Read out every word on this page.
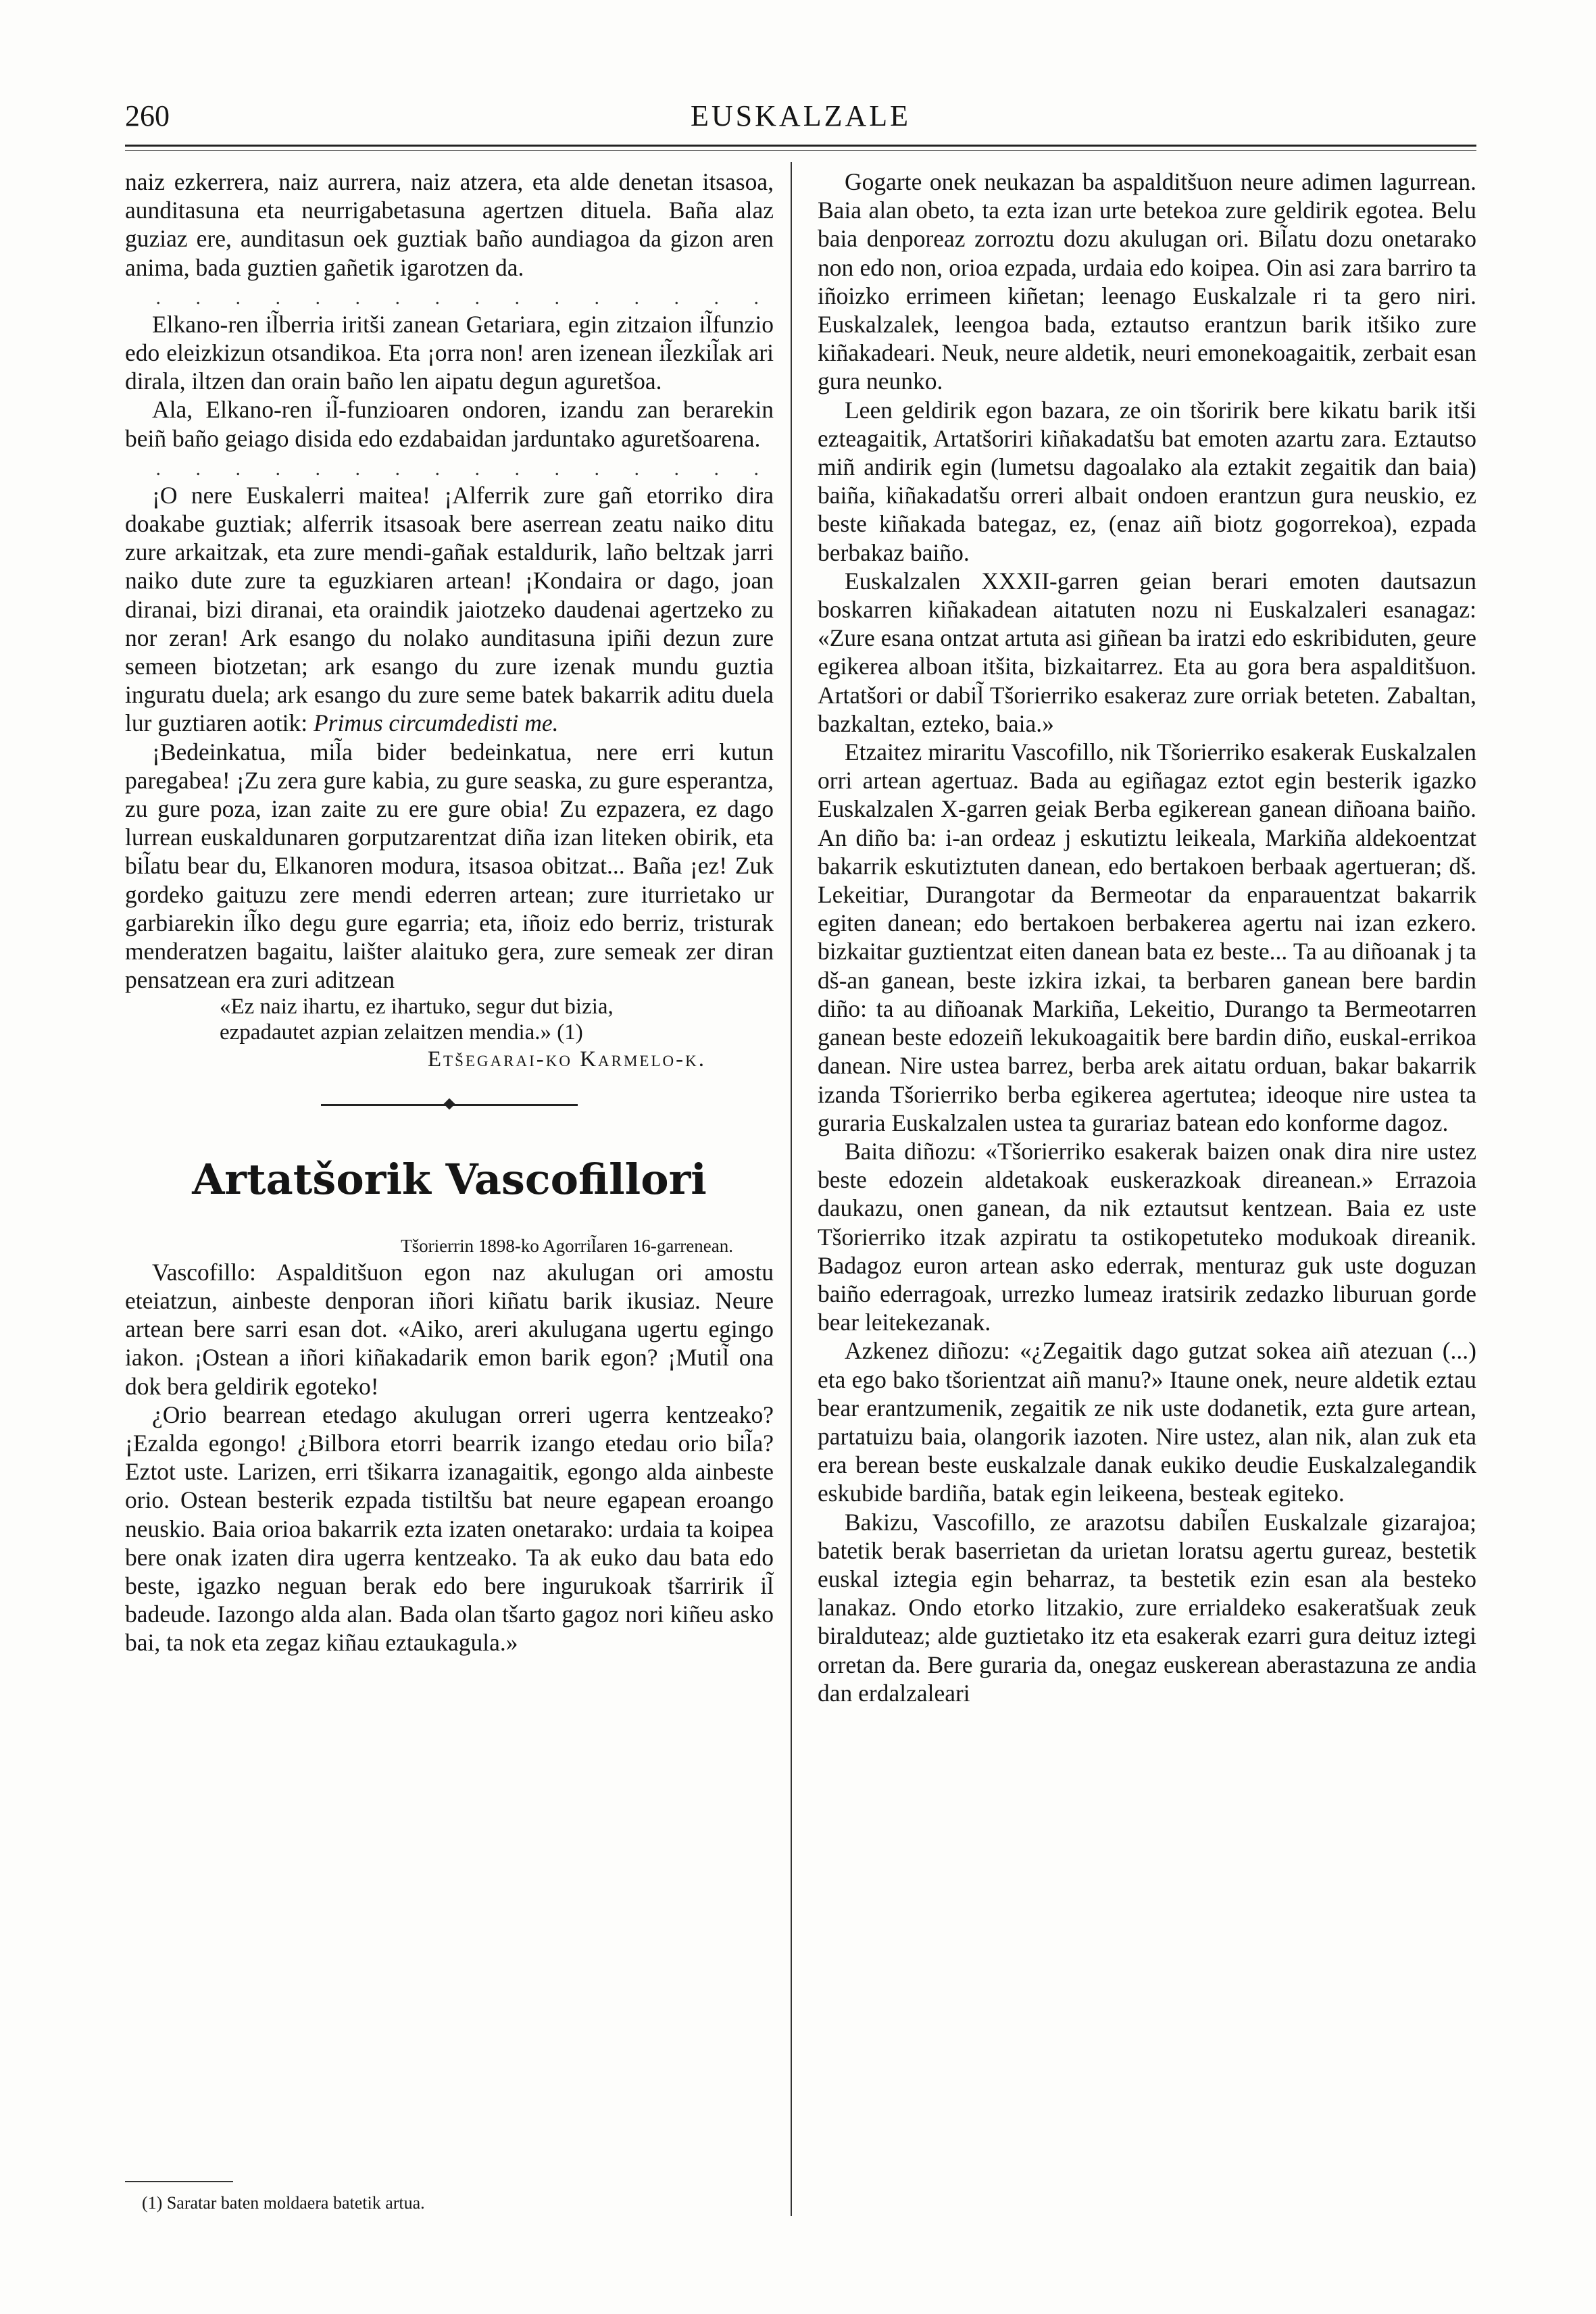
260	EUSKALZALE

naiz ezkerrera, naiz aurrera, naiz atzera, eta alde denetan itsasoa, aunditasuna eta neurrigabetasuna agertzen dituela. Baña alaz guziaz ere, aunditasun oek guztiak baño aundiagoa da gizon aren anima, bada guztien gañetik igarotzen da.

. . . . . . . . . . . . . . . .

Elkano-ren il̃berria iritši zanean Getariara, egin zitzaion il̃funzio edo eleizkizun otsandikoa. Eta ¡orra non! aren izenean il̃ezkil̃ak ari dirala, iltzen dan orain baño len aipatu degun aguretšoa.

Ala, Elkano-ren il̃-funzioaren ondoren, izandu zan berarekin beiñ baño geiago disida edo ezdabaidan jarduntako aguretšoarena.

. . . . . . . . . . . . . . . .

¡O nere Euskalerri maitea! ¡Alferrik zure gañ etorriko dira doakabe guztiak; alferrik itsasoak bere aserrean zeatu naiko ditu zure arkaitzak, eta zure mendi-gañak estaldurik, laño beltzak jarri naiko dute zure ta eguzkiaren artean! ¡Kondaira or dago, joan diranai, bizi diranai, eta oraindik jaiotzeko daudenai agertzeko zu nor zeran! Ark esango du nolako aunditasuna ipiñi dezun zure semeen biotzetan; ark esango du zure izenak mundu guztia inguratu duela; ark esango du zure seme batek bakarrik aditu duela lur guztiaren aotik: Primus circumdedisti me.

¡Bedeinkatua, mil̃a bider bedeinkatua, nere erri kutun paregabea! ¡Zu zera gure kabia, zu gure seaska, zu gure esperantza, zu gure poza, izan zaite zu ere gure obia! Zu ezpazera, ez dago lurrean euskaldunaren gorputzarentzat diña izan liteken obirik, eta bil̃atu bear du, Elkanoren modura, itsasoa obitzat... Baña ¡ez! Zuk gordeko gaituzu zere mendi ederren artean; zure iturrietako ur garbiarekin il̃ko degu gure egarria; eta, iñoiz edo berriz, tristurak menderatzen bagaitu, laišter alaituko gera, zure semeak zer diran pensatzean era zuri aditzean

«Ez naiz ihartu, ez ihartuko, segur dut bizia,
ezpadautet azpian zelaitzen mendia.» (1)

Etšegarai-ko Karmelo-k.

Artatšorik Vascofillori

Tšorierrin 1898-ko Agorril̃aren 16-garrenean.

Vascofillo: Aspalditšuon egon naz akulugan ori amostu eteiatzun, ainbeste denporan iñori kiñatu barik ikusiaz. Neure artean bere sarri esan dot. «Aiko, areri akulugana ugertu egingo iakon. ¡Ostean a iñori kiñakadarik emon barik egon? ¡Mutil̃ ona dok bera geldirik egoteko!

¿Orio bearrean etedago akulugan orreri ugerra kentzeako? ¡Ezalda egongo! ¿Bilbora etorri bearrik izango etedau orio bil̃a? Eztot uste. Larizen, erri tšikarra izanagaitik, egongo alda ainbeste orio. Ostean besterik ezpada tistiltšu bat neure egapean eroango neuskio. Baia orioa bakarrik ezta izaten onetarako: urdaia ta koipea bere onak izaten dira ugerra kentzeako. Ta ak euko dau bata edo beste, igazko neguan berak edo bere ingurukoak tšarririk il̃ badeude. Iazongo alda alan. Bada olan tšarto gagoz nori kiñeu asko bai, ta nok eta zegaz kiñau eztaukagula.»

(1) Saratar baten moldaera batetik artua.

Gogarte onek neukazan ba aspalditšuon neure adimen lagurrean. Baia alan obeto, ta ezta izan urte betekoa zure geldirik egotea. Belu baia denporeaz zorroztu dozu akulugan ori. Bil̃atu dozu onetarako non edo non, orioa ezpada, urdaia edo koipea. Oin asi zara barriro ta iñoizko errimeen kiñetan; leenago Euskalzale ri ta gero niri. Euskalzalek, leengoa bada, eztautso erantzun barik itšiko zure kiñakadeari. Neuk, neure aldetik, neuri emonekoagaitik, zerbait esan gura neunko.

Leen geldirik egon bazara, ze oin tšoririk bere kikatu barik itši ezteagaitik, Artatšoriri kiñakadatšu bat emoten azartu zara. Eztautso miñ andirik egin (lumetsu dagoalako ala eztakit zegaitik dan baia) baiña, kiñakadatšu orreri albait ondoen erantzun gura neuskio, ez beste kiñakada bategaz, ez, (enaz aiñ biotz gogorrekoa), ezpada berbakaz baiño.

Euskalzalen XXXII-garren geian berari emoten dautsazun boskarren kiñakadean aitatuten nozu ni Euskalzaleri esanagaz: «Zure esana ontzat artuta asi giñean ba iratzi edo eskribiduten, geure egikerea alboan itšita, bizkaitarrez. Eta au gora bera aspalditšuon. Artatšori or dabil̃ Tšorierriko esakeraz zure orriak beteten. Zabaltan, bazkaltan, ezteko, baia.»

Etzaitez miraritu Vascofillo, nik Tšorierriko esakerak Euskalzalen orri artean agertuaz. Bada au egiñagaz eztot egin besterik igazko Euskalzalen X-garren geiak Berba egikerean ganean diñoana baiño. An diño ba: i-an ordeaz j eskutiztu leikeala, Markiña aldekoentzat bakarrik eskutiztuten danean, edo bertakoen berbaak agertueran; dš. Lekeitiar, Durangotar da Bermeotar da enparauentzat bakarrik egiten danean; edo bertakoen berbakerea agertu nai izan ezkero. bizkaitar guztientzat eiten danean bata ez beste... Ta au diñoanak j ta dš-an ganean, beste izkira izkai, ta berbaren ganean bere bardin diño: ta au diñoanak Markiña, Lekeitio, Durango ta Bermeotarren ganean beste edozeiñ lekukoagaitik bere bardin diño, euskal-errikoa danean. Nire ustea barrez, berba arek aitatu orduan, bakar bakarrik izanda Tšorierriko berba egikerea agertutea; ideoque nire ustea ta guraria Euskalzalen ustea ta gurariaz batean edo konforme dagoz.

Baita diñozu: «Tšorierriko esakerak baizen onak dira nire ustez beste edozein aldetakoak euskerazkoak direanean.» Errazoia daukazu, onen ganean, da nik eztautsut kentzean. Baia ez uste Tšorierriko itzak azpiratu ta ostikopetuteko modukoak direanik. Badagoz euron artean asko ederrak, menturaz guk uste doguzan baiño ederragoak, urrezko lumeaz iratsirik zedazko liburuan gorde bear leitekezanak.

Azkenez diñozu: «¿Zegaitik dago gutzat sokea aiñ atezuan (...) eta ego bako tšorientzat aiñ manu?» Itaune onek, neure aldetik eztau bear erantzumenik, zegaitik ze nik uste dodanetik, ezta gure artean, partatuizu baia, olangorik iazoten. Nire ustez, alan nik, alan zuk eta era berean beste euskalzale danak eukiko deudie Euskalzalegandik eskubide bardiña, batak egin leikeena, besteak egiteko.

Bakizu, Vascofillo, ze arazotsu dabil̃en Euskalzale gizarajoa; batetik berak baserrietan da urietan loratsu agertu gureaz, bestetik euskal iztegia egin beharraz, ta bestetik ezin esan ala besteko lanakaz. Ondo etorko litzakio, zure errialdeko esakeratšuak zeuk biralduteaz; alde guztietako itz eta esakerak ezarri gura deituz iztegi orretan da. Bere guraria da, onegaz euskerean aberastazuna ze andia dan erdalzaleari
